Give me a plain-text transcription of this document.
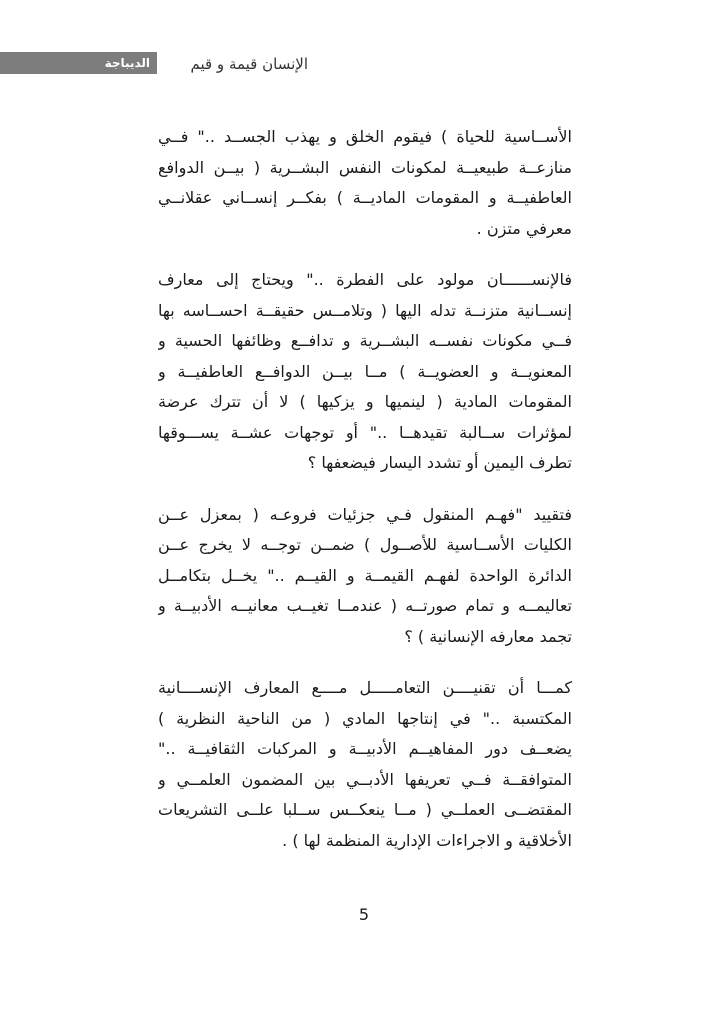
الديباجة	الإنسان قيمة و قيم
الأســاسية للحياة ) فيقوم الخلق و يهذب الجســد .." فــي
منازعــة طبيعيــة لمكونات النفس البشــرية ( بيــن الدوافع
العاطفيــة و المقومات الماديــة ) بفكــر إنســاني عقلانــي
معرفي متزن .
فالإنســــــان مولود على الفطرة .." ويحتاج إلى معارف
إنســانية متزنــة تدله اليها ( وتلامــس حقيقــة احســاسه بها
فــي مكونات نفســه البشــرية و تدافــع وظائفها الحسية و
المعنويــة و العضويــة ) مــا بيــن الدوافــع العاطفيــة و
المقومات المادية ( لينميها و يزكيها ) لا أن تترك عرضة
لمؤثرات ســالبة تقيدهــا .." أو توجهات عشــة يســـوقها
تطرف اليمين أو تشدد اليسار فيضعفها ؟
فتقييد "فهـم المنقول فـي جزئيات فروعـه ( بمعزل عــن
الكليات الأســاسية للأصــول ) ضمــن توجــه لا يخرج عــن
الدائرة الواحدة لفهـم القيمــة و القيــم .." يخــل بتكامــل
تعاليمــه و تمام صورتــه ( عندمــا تغيــب معانيــه الأدبيــة و
تجمد معارفه الإنسانية ) ؟
كمـــا أن تقنيــــن التعامـــــل مــــع المعارف الإنســــانية
المكتسبة .." في إنتاجها المادي ( من الناحية النظرية )
يضعــف دور المفاهيــم الأدبيــة و المركبات الثقافيــة .."
المتوافقــة فــي تعريفها الأدبــي بين المضمون العلمــي و
المقتضــى العملــي ( مــا ينعكــس ســلبا علــى التشريعات
الأخلاقية و الاجراءات الإدارية المنظمة لها ) .
5
